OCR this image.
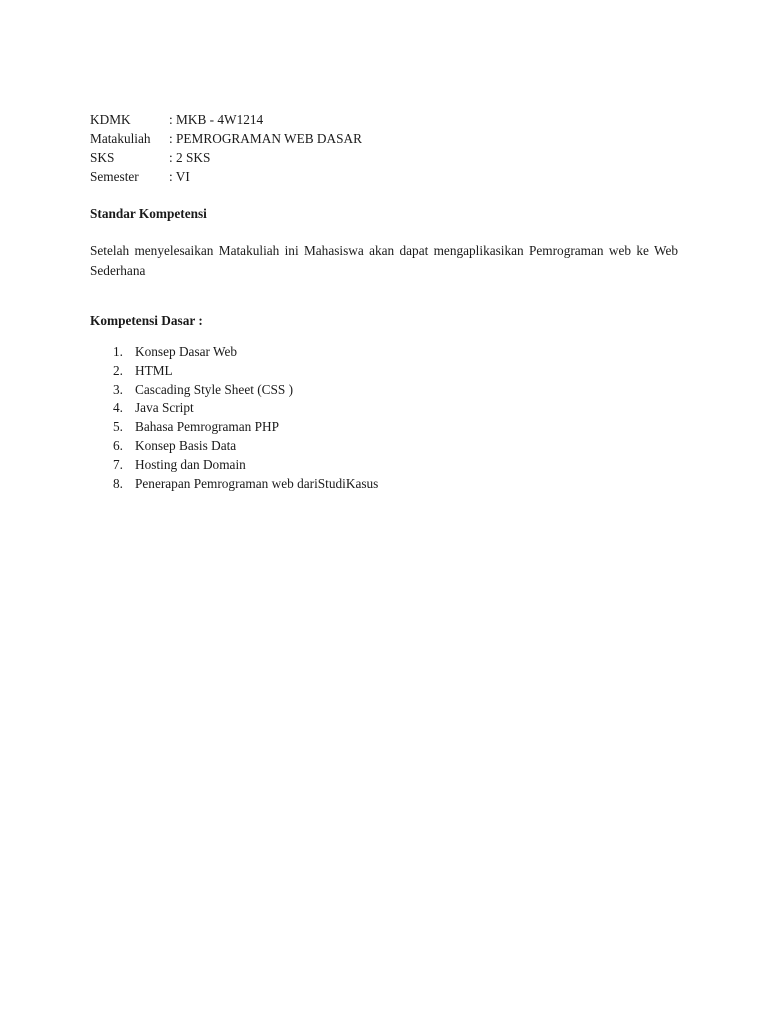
KDMK	: MKB - 4W1214
Matakuliah	: PEMROGRAMAN WEB DASAR
SKS	: 2 SKS
Semester	: VI

Standar Kompetensi

Setelah menyelesaikan Matakuliah ini Mahasiswa akan dapat mengaplikasikan Pemrograman web ke Web Sederhana

Kompetensi Dasar :

1. Konsep Dasar Web
2. HTML
3. Cascading Style Sheet (CSS )
4. Java Script
5. Bahasa Pemrograman PHP
6. Konsep Basis Data
7. Hosting dan Domain
8. Penerapan Pemrograman web dariStudiKasus
